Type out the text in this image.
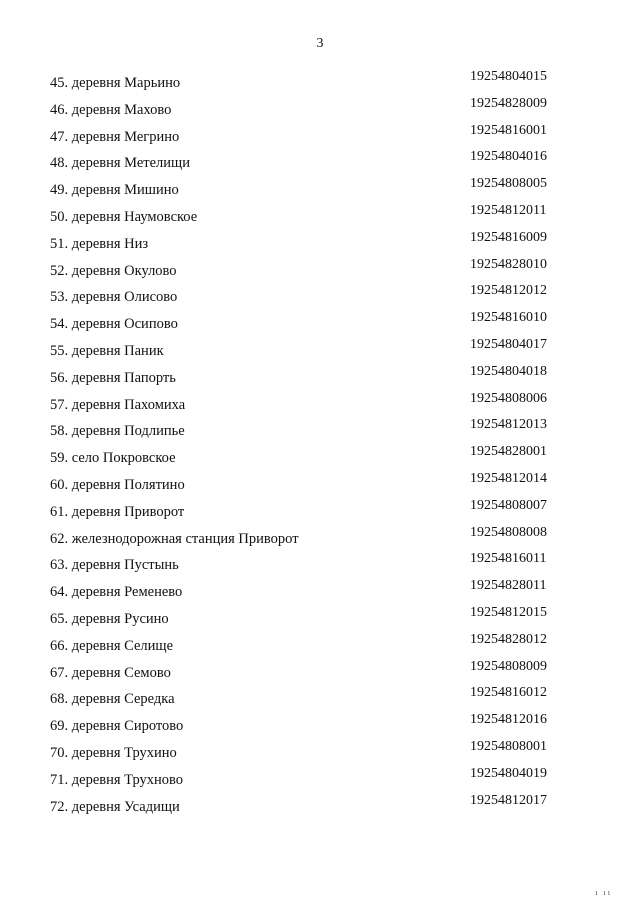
3
45. деревня Марьино	19254804015
46. деревня Махово	19254828009
47. деревня Мегрино	19254816001
48. деревня Метелищи	19254804016
49. деревня Мишино	19254808005
50. деревня Наумовское	19254812011
51. деревня Низ	19254816009
52. деревня Окулово	19254828010
53. деревня Олисово	19254812012
54. деревня Осипово	19254816010
55. деревня Паник	19254804017
56. деревня Папорть	19254804018
57. деревня Пахомиха	19254808006
58. деревня Подлипье	19254812013
59. село Покровское	19254828001
60. деревня Полятино	19254812014
61. деревня Приворот	19254808007
62. железнодорожная станция Приворот	19254808008
63. деревня Пустынь	19254816011
64. деревня Ременево	19254828011
65. деревня Русино	19254812015
66. деревня Селище	19254828012
67. деревня Семово	19254808009
68. деревня Середка	19254816012
69. деревня Сиротово	19254812016
70. деревня Трухино	19254808001
71. деревня Трухново	19254804019
72. деревня Усадищи	19254812017
ı ıı
